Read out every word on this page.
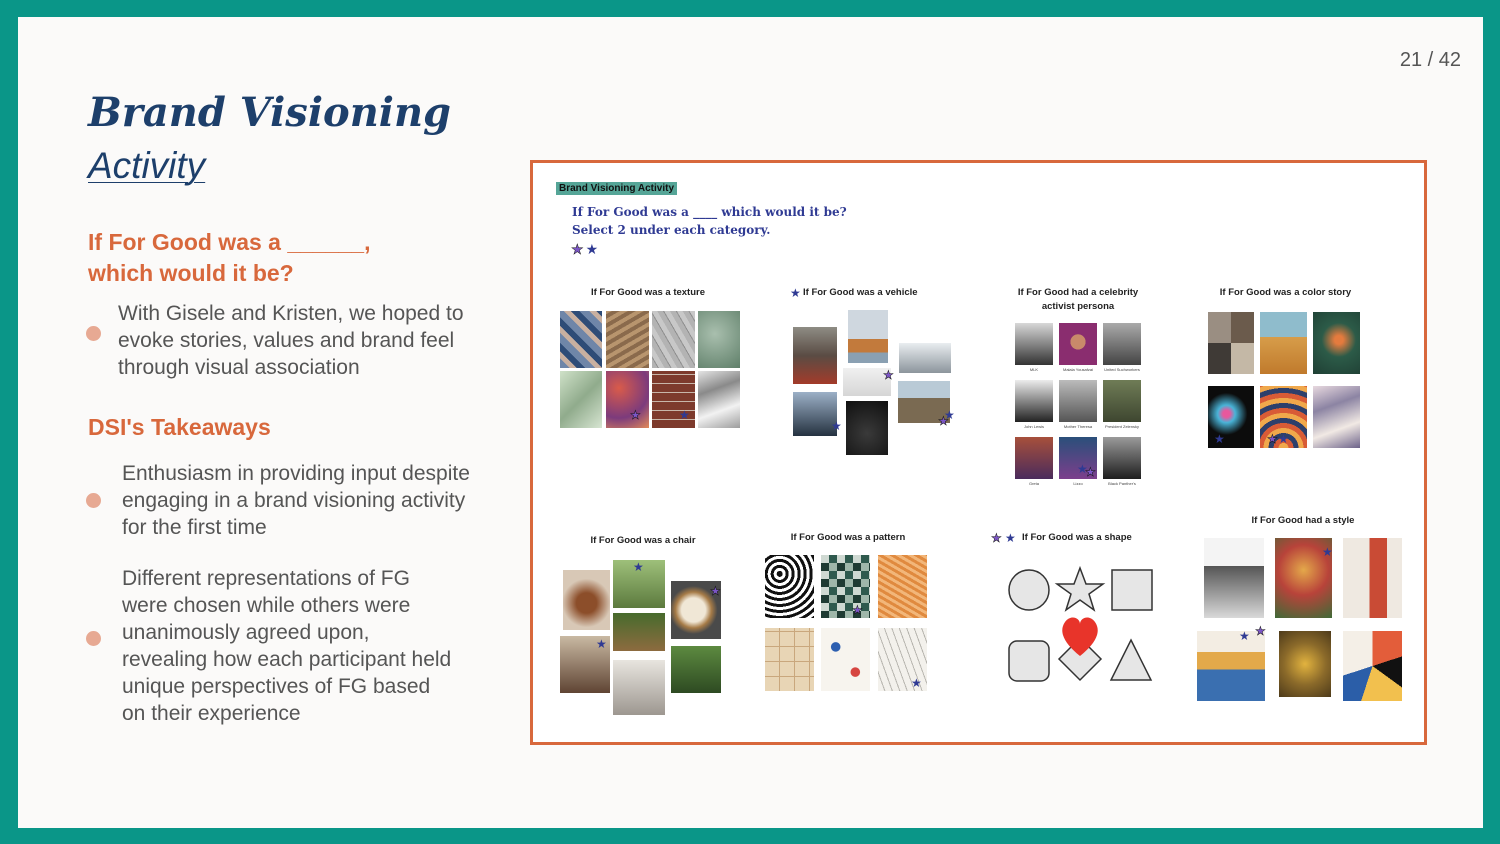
21 / 42
Brand Visioning
Activity
If For Good was a ______, which would it be?
With Gisele and Kristen, we hoped to evoke stories, values and brand feel through visual association
DSI's Takeaways
Enthusiasm in providing input despite engaging in a brand visioning activity for the first time
Different representations of FG were chosen while others were unanimously agreed upon, revealing how each participant held unique perspectives of FG based on their experience
Brand Visioning Activity
If For Good was a ____ which would it be?
Select 2 under each category.
★★
If For Good was a texture
★	★
★ If For Good was a vehicle
★
★
★
★
If For Good had a celebrity activist persona
MLK	Malala Yousafzai	United Suchworkers
John Lewis	Mother Theresa	President Zelensky
Greta	Lizzo	Black Panther's
★
★
If For Good was a color story
★	★ ★
If For Good was a chair
★
★
★
If For Good was a pattern
★
★
★ ★ If For Good was a shape
If For Good had a style
★
★ ★
